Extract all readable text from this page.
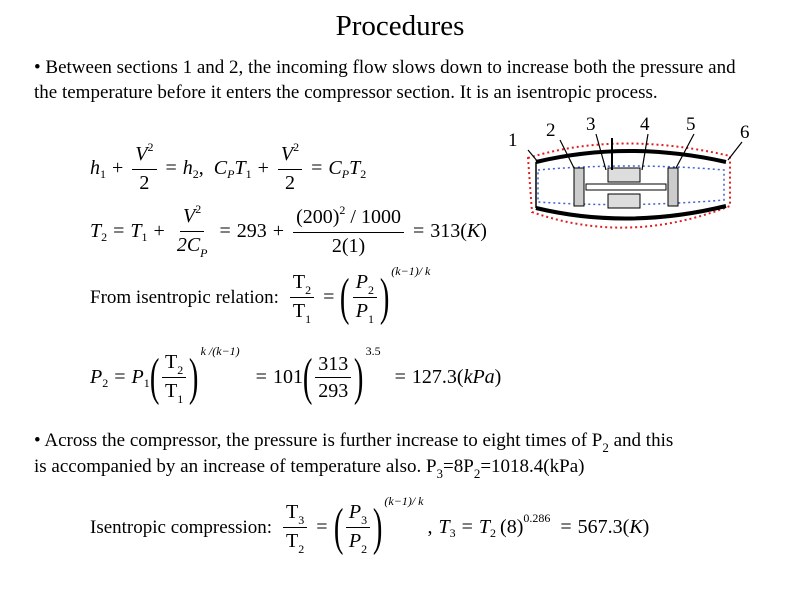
Procedures
• Between sections 1 and 2, the incoming flow slows down to increase both the pressure and the temperature before it enters the compressor section. It is an isentropic process.
1 2 3 4 5 6
h $1 + \frac{V^2}{2} = h$ 2 , C P T $1 + \frac{V^2}{2} = C$ P T 2
T 2 = T $1 + \frac{V^2}{2C_P} = 293 + \frac{(200)^2 / 1000}{2(1)} = 313$( K )
From isentropic relation: $\frac{T_2}{T_1}$ = ( $\frac{P_2}{P_1}$ ) (k−1)/ k
P 2 = P 1 ( $\frac{T_2}{T_1}$ ) k /(k−1)
= 101 ( $\frac{313}{293}$ ) 3.5
= 127.3( kPa )
• Across the compressor, the pressure is further increase to eight times of $P_2$ and this
is accompanied by an increase of temperature also. $P_3=8P_2=1018.4(kPa)$
Isentropic compression: $\frac{T_3}{T_2}$ = ( $\frac{P_3}{P_2}$ ) (k−1)/ k
, T 3 = T 2 (8) 0.286 = 567.3( K )
